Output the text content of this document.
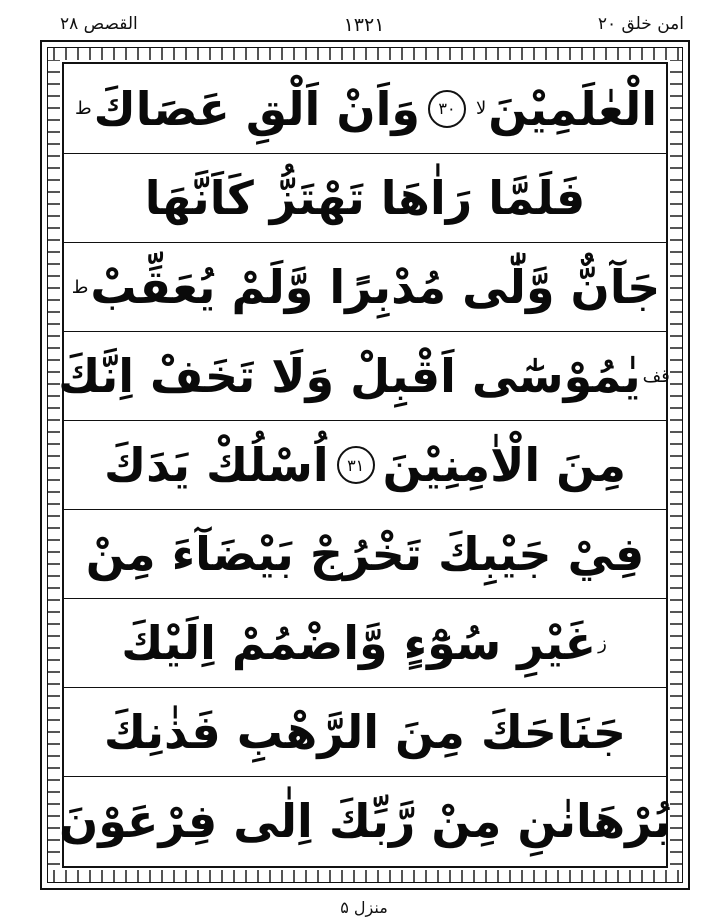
امن خلق ۲۰
۱۳۲۱
القصص ۲۸
الْعٰلَمِیْنَ
لا
۳۰
وَاَنْ اَلْقِ عَصَاكَ
ط
فَلَمَّا رَاٰهَا تَهْتَزُّ كَاَنَّهَا
جَآنٌّ وَّلّٰى مُدْبِرًا وَّلَمْ يُعَقِّبْ
ط
قف
يٰمُوْسٰٓى اَقْبِلْ وَلَا تَخَفْ اِنَّكَ
مِنَ الْاٰمِنِيْنَ
۳۱
اُسْلُكْ يَدَكَ
فِيْ جَيْبِكَ تَخْرُجْ بَيْضَآءَ مِنْ
ز
غَيْرِ سُوْٓءٍ وَّاضْمُمْ اِلَيْكَ
جَنَاحَكَ مِنَ الرَّهْبِ فَذٰنِكَ
بُرْهَانٰنِ مِنْ رَّبِّكَ اِلٰى فِرْعَوْنَ
منزل ۵
